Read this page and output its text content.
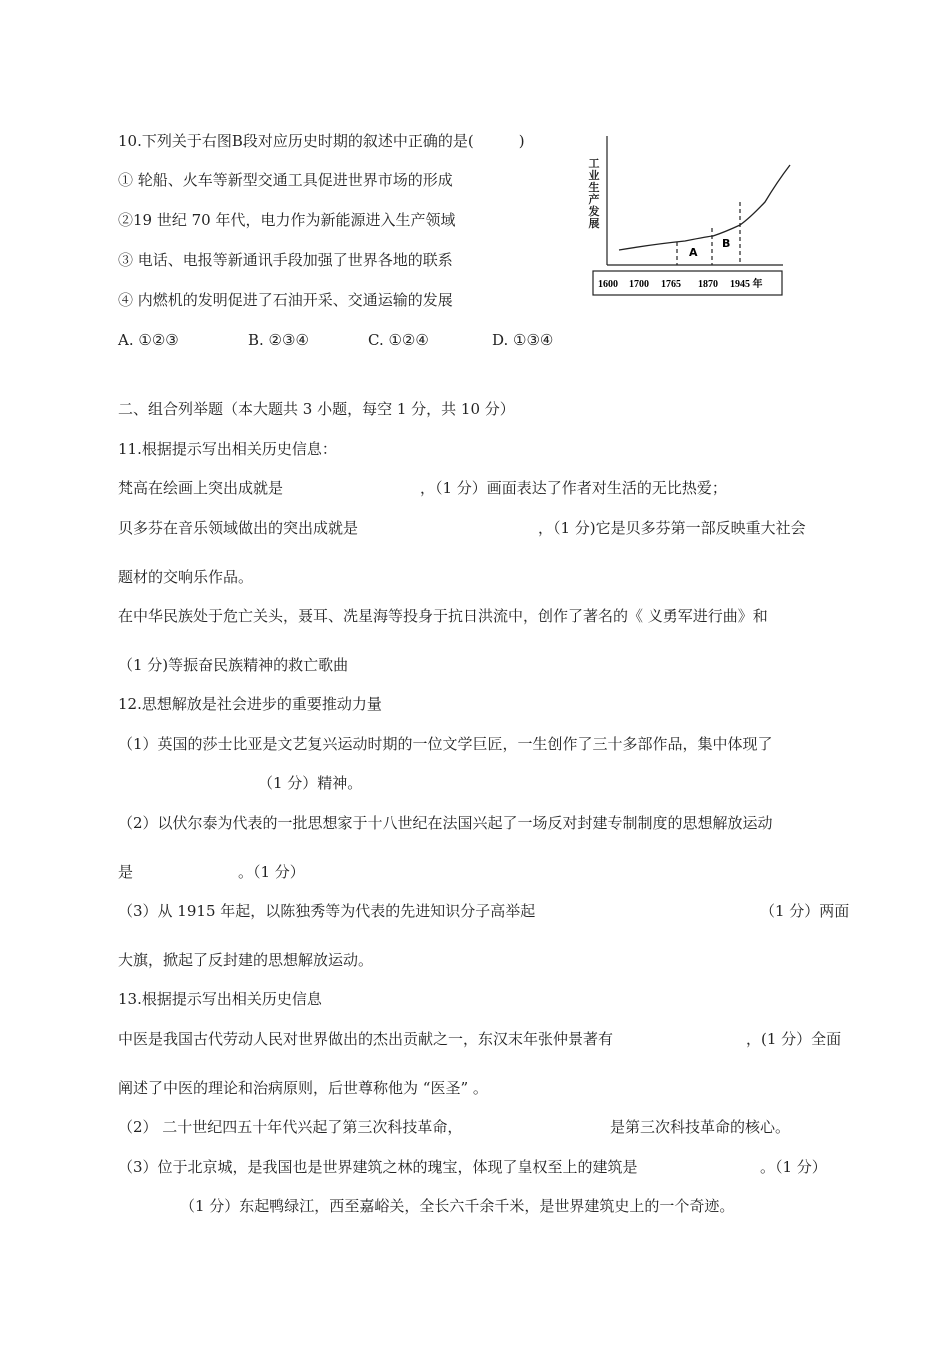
10.下列关于右图B段对应历史时期的叙述中正确的是(　　　)
① 轮船、火车等新型交通工具促进世界市场的形成
②19 世纪 70 年代，电力作为新能源进入生产领域
③ 电话、电报等新通讯手段加强了世界各地的联系
④ 内燃机的发明促进了石油开采、交通运输的发展
A. ①②③	B. ②③④	C. ①②④	D. ①③④
A
B
1600 1700 1765 1870 1945 年
工业生产发展
二、组合列举题（本大题共 3 小题，每空 1 分，共 10 分）
11.根据提示写出相关历史信息：
梵高在绘画上突出成就是	，（1 分）画面表达了作者对生活的无比热爱；
贝多芬在音乐领域做出的突出成就是	，（1 分)它是贝多芬第一部反映重大社会
题材的交响乐作品。
在中华民族处于危亡关头，聂耳、冼星海等投身于抗日洪流中，创作了著名的《 义勇军进行曲》和
（1 分)等振奋民族精神的救亡歌曲
12.思想解放是社会进步的重要推动力量
（1）英国的莎士比亚是文艺复兴运动时期的一位文学巨匠，一生创作了三十多部作品，集中体现了
（1 分）精神。
（2）以伏尔泰为代表的一批思想家于十八世纪在法国兴起了一场反对封建专制制度的思想解放运动
是	。（1 分）
（3）从 1915 年起，以陈独秀等为代表的先进知识分子高举起	（1 分）两面
大旗，掀起了反封建的思想解放运动。
13.根据提示写出相关历史信息
中医是我国古代劳动人民对世界做出的杰出贡献之一，东汉末年张仲景著有	，(1 分）全面
阐述了中医的理论和治病原则，后世尊称他为 “医圣” 。
（2） 二十世纪四五十年代兴起了第三次科技革命，	是第三次科技革命的核心。
（3）位于北京城，是我国也是世界建筑之林的瑰宝，体现了皇权至上的建筑是	。（1 分）
（1 分）东起鸭绿江，西至嘉峪关，全长六千余千米，是世界建筑史上的一个奇迹。
